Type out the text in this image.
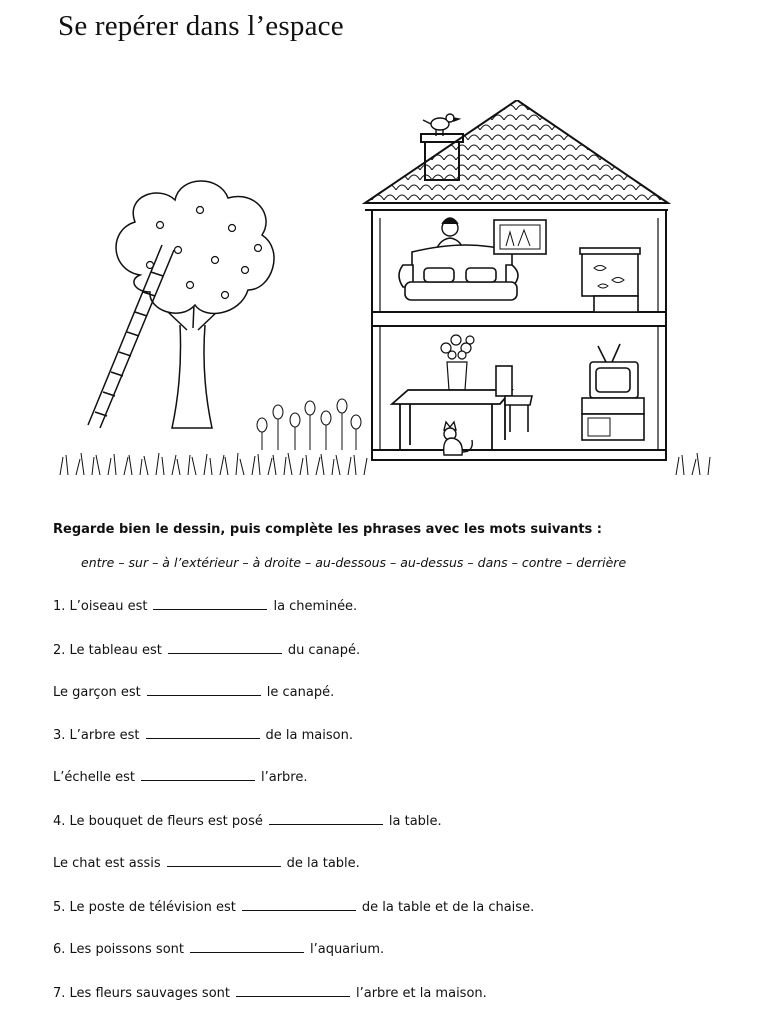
Se repérer dans l’espace

Regarde bien le dessin, puis complète les phrases avec les mots suivants :

entre – sur – à l’extérieur – à droite – au-dessous – au-dessus – dans – contre – derrière

1. L’oiseau est	la cheminée.

2. Le tableau est	du canapé.

Le garçon est	le canapé.

3. L’arbre est	de la maison.

L’échelle est	l’arbre.

4. Le bouquet de fleurs est posé	la table.

Le chat est assis	de la table.

5. Le poste de télévision est	de la table et de la chaise.

6. Les poissons sont	l’aquarium.

7. Les fleurs sauvages sont	l’arbre et la maison.
